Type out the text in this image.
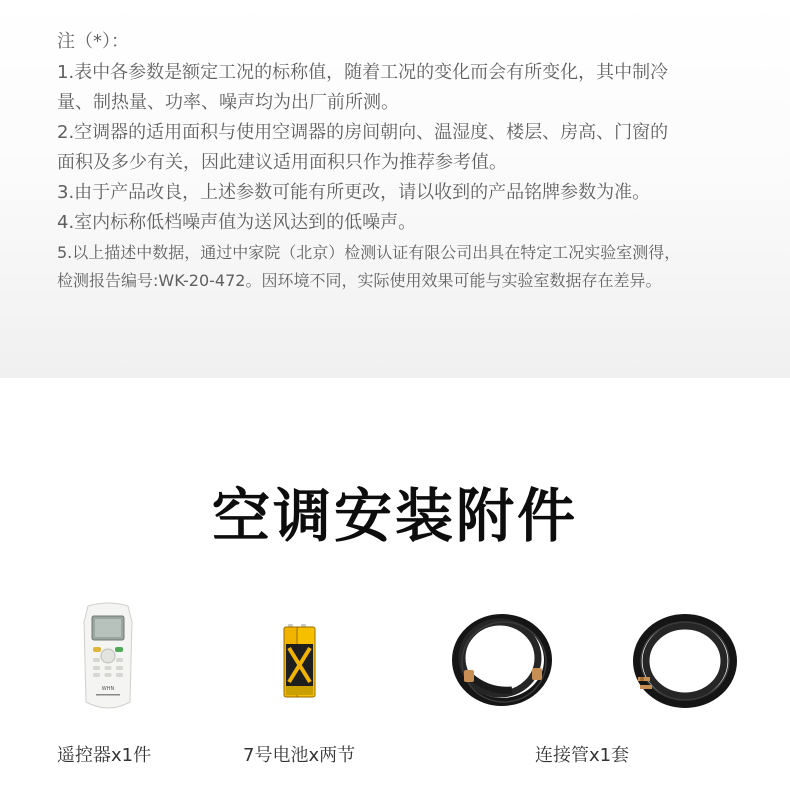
注（*）：
1.表中各参数是额定工况的标称值，随着工况的变化而会有所变化，其中制冷
量、制热量、功率、噪声均为出厂前所测。
2.空调器的适用面积与使用空调器的房间朝向、温湿度、楼层、房高、门窗的
面积及多少有关，因此建议适用面积只作为推荐参考值。
3.由于产品改良，上述参数可能有所更改，请以收到的产品铭牌参数为准。
4.室内标称低档噪声值为送风达到的低噪声。
5.以上描述中数据，通过中家院（北京）检测认证有限公司出具在特定工况实验室测得，
检测报告编号:WK-20-472。因环境不同，实际使用效果可能与实验室数据存在差异。
空调安装附件
WHN
遥控器x1件	7号电池x两节	连接管x1套
